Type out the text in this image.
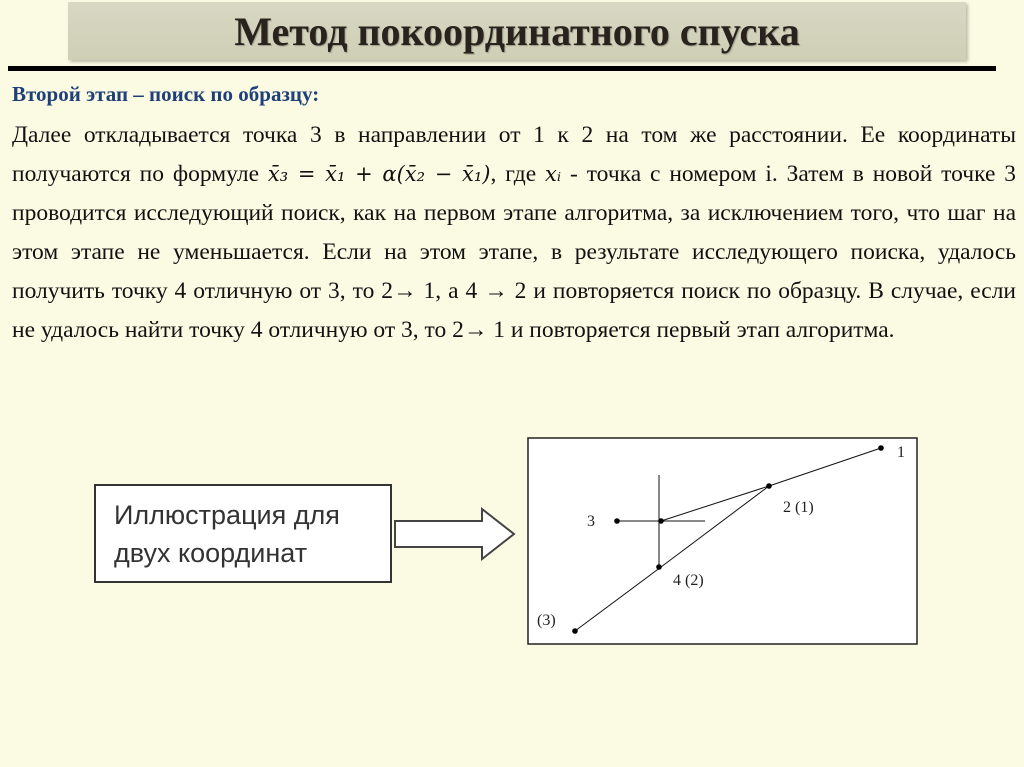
Метод покоординатного спуска
Второй этап – поиск по образцу:

Далее откладывается точка 3 в направлении от 1 к 2 на том же расстоянии. Ее координаты получаются по формуле x̄₃ = x̄₁ + α(x̄₂ − x̄₁), где xᵢ - точка с номером i. Затем в новой точке 3 проводится исследующий поиск, как на первом этапе алгоритма, за исключением того, что шаг на этом этапе не уменьшается. Если на этом этапе, в результате исследующего поиска, удалось получить точку 4 отличную от 3, то 2→ 1, а 4 → 2 и повторяется поиск по образцу. В случае, если не удалось найти точку 4 отличную от 3, то 2→ 1 и повторяется первый этап алгоритма.

Иллюстрация для
двух координат
1
2 (1)
3
4 (2)
(3)
